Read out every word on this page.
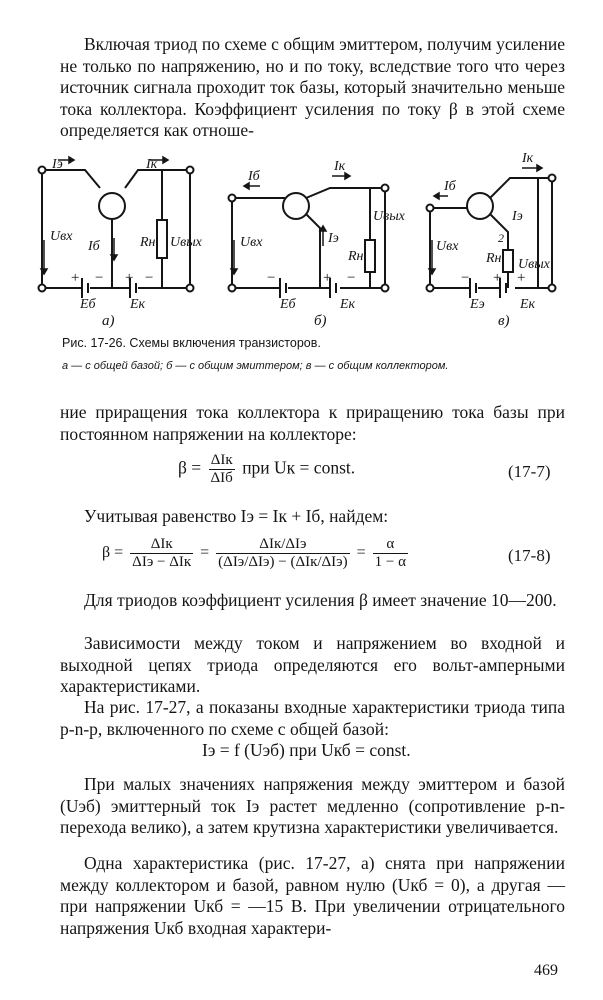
Включая триод по схеме с общим эмиттером, получим усиление не только по напряжению, но и по току, вследствие того что через источник сигнала проходит ток базы, который значительно меньше тока коллектора. Коэффициент усиления по току β в этой схеме определяется как отноше-

Iэ	Iк
Uвх
Iб	Rн Uвых
Eб Eк
а)
Iб
Iк
Uвх	Iэ
Rн
Uвых
Eб	Eк
б)
Iб
Iк
Iэ
Uвх
2
Rн Uвых
Eэ	Eк
в)
+ − + −	−	+ −	− + +
Рис. 17-26. Схемы включения транзисторов.
а — с общей базой; б — с общим эмиттером; в — с общим коллектором.

ние приращения тока коллектора к приращению тока базы при постоянном напряжении на коллекторе:

$\beta = \frac{\text{ΔIк}}{\text{ΔIб}}$ при Uк = const.	(17-7)

Учитывая равенство Iэ = Iк + Iб, найдем:

$\beta = \frac{\text{ΔIк}}{\text{ΔIэ − ΔIк}} = \frac{\text{ΔIк/ΔIэ}}{\text{(ΔIэ/ΔIэ) − (ΔIк/ΔIэ)}} = \frac{\alpha}{1 - \alpha}$	(17-8)

Для триодов коэффициент усиления β имеет значение 10—200.

Зависимости между током и напряжением во входной и выходной цепях триода определяются его вольт-амперными характеристиками.

На рис. 17-27, а показаны входные характеристики триода типа p-n-p, включенного по схеме с общей базой:

Iэ = f (Uэб) при Uкб = const.

При малых значениях напряжения между эмиттером и базой (Uэб) эмиттерный ток Iэ растет медленно (сопротивление p-n-перехода велико), а затем крутизна характеристики увеличивается.

Одна характеристика (рис. 17-27, а) снята при напряжении между коллектором и базой, равном нулю (Uкб = 0), а другая — при напряжении Uкб = —15 В. При увеличении отрицательного напряжения Uкб входная характери-

469
